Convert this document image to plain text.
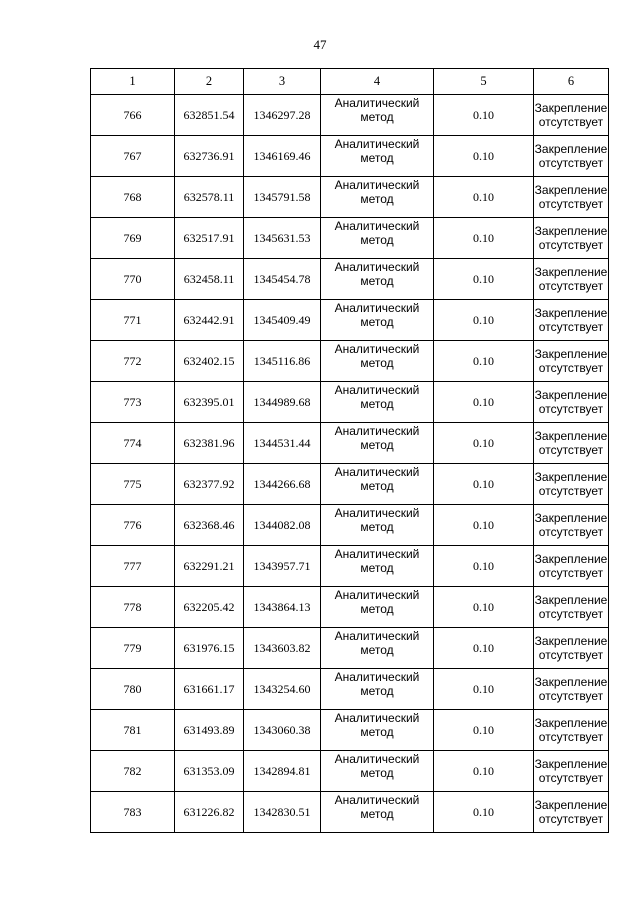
47
1	2	3	4	5	6
766	632851.54	1346297.28	Аналитический метод	0.10	Закрепление отсутствует

767	632736.91	1346169.46	Аналитический метод	0.10	Закрепление отсутствует

768	632578.11	1345791.58	Аналитический метод	0.10	Закрепление отсутствует

769	632517.91	1345631.53	Аналитический метод	0.10	Закрепление отсутствует

770	632458.11	1345454.78	Аналитический метод	0.10	Закрепление отсутствует

771	632442.91	1345409.49	Аналитический метод	0.10	Закрепление отсутствует

772	632402.15	1345116.86	Аналитический метод	0.10	Закрепление отсутствует

773	632395.01	1344989.68	Аналитический метод	0.10	Закрепление отсутствует

774	632381.96	1344531.44	Аналитический метод	0.10	Закрепление отсутствует

775	632377.92	1344266.68	Аналитический метод	0.10	Закрепление отсутствует

776	632368.46	1344082.08	Аналитический метод	0.10	Закрепление отсутствует

777	632291.21	1343957.71	Аналитический метод	0.10	Закрепление отсутствует

778	632205.42	1343864.13	Аналитический метод	0.10	Закрепление отсутствует

779	631976.15	1343603.82	Аналитический метод	0.10	Закрепление отсутствует

780	631661.17	1343254.60	Аналитический метод	0.10	Закрепление отсутствует

781	631493.89	1343060.38	Аналитический метод	0.10	Закрепление отсутствует

782	631353.09	1342894.81	Аналитический метод	0.10	Закрепление отсутствует

783	631226.82	1342830.51	Аналитический метод	0.10	Закрепление отсутствует
